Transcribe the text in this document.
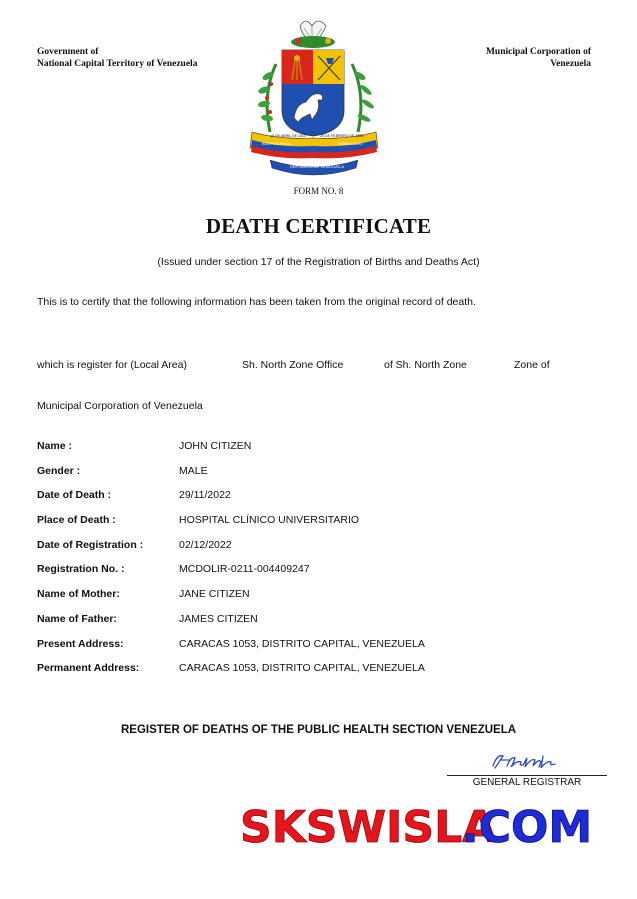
Government of
National Capital Territory of Venezuela
Municipal Corporation of
Venezuela
19 DE ABRIL DE 1810	20 DE FEBRERO DE 1859
INDEPENDENCIA	FEDERACION
REPUBLICA DE VENEZUELA
FORM NO. 8
DEATH CERTIFICATE
(Issued under section 17 of the Registration of Births and Deaths Act)
This is to certify that the following information has been taken from the original record of death.
which is register for (Local Area)	Sh. North Zone Office	of Sh. North Zone	Zone of
Municipal Corporation of Venezuela
Name :	JOHN CITIZEN
Gender :	MALE
Date of Death :	29/11/2022
Place of Death :	HOSPITAL CLÍNICO UNIVERSITARIO
Date of Registration :	02/12/2022
Registration No. :	MCDOLIR-0211-004409247
Name of Mother:	JANE CITIZEN
Name of Father:	JAMES CITIZEN
Present Address:	CARACAS 1053, DISTRITO CAPITAL, VENEZUELA
Permanent Address:	CARACAS 1053, DISTRITO CAPITAL, VENEZUELA
REGISTER OF DEATHS OF THE PUBLIC HEALTH SECTION VENEZUELA
GENERAL REGISTRAR
SKSWISLA
.COM
